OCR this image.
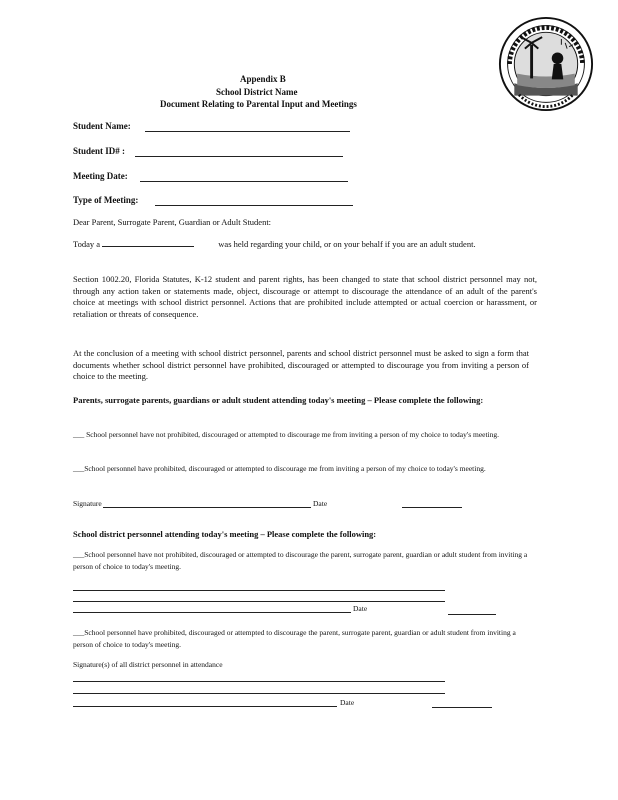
Appendix B
School District Name
Document Relating to Parental Input and Meetings
Student Name:
Student ID# :
Meeting Date:
Type of Meeting:
Dear Parent, Surrogate Parent, Guardian or Adult Student:
Today a	was held regarding your child, or on your behalf if you are an adult student.
Section 1002.20, Florida Statutes, K-12 student and parent rights, has been changed to state that school district personnel may not, through any action taken or statements made, object, discourage or attempt to discourage the attendance of an adult of the parent's choice at meetings with school district personnel. Actions that are prohibited include attempted or actual coercion or harassment, or retaliation or threats of consequence.
At the conclusion of a meeting with school district personnel, parents and school district personnel must be asked to sign a form that documents whether school district personnel have prohibited, discouraged or attempted to discourage you from inviting a person of choice to the meeting.
Parents, surrogate parents, guardians or adult student attending today's meeting – Please complete the following:
___ School personnel have not prohibited, discouraged or attempted to discourage me from inviting a person of my choice to today's meeting.
___School personnel have prohibited, discouraged or attempted to discourage me from inviting a person of my choice to today's meeting.
Signature	Date
School district personnel attending today's meeting – Please complete the following:
___School personnel have not prohibited, discouraged or attempted to discourage the parent, surrogate parent, guardian or adult student from inviting a person of choice to today's meeting.
Date
___School personnel have prohibited, discouraged or attempted to discourage the parent, surrogate parent, guardian or adult student from inviting a person of choice to today's meeting.
Signature(s) of all district personnel in attendance
Date
